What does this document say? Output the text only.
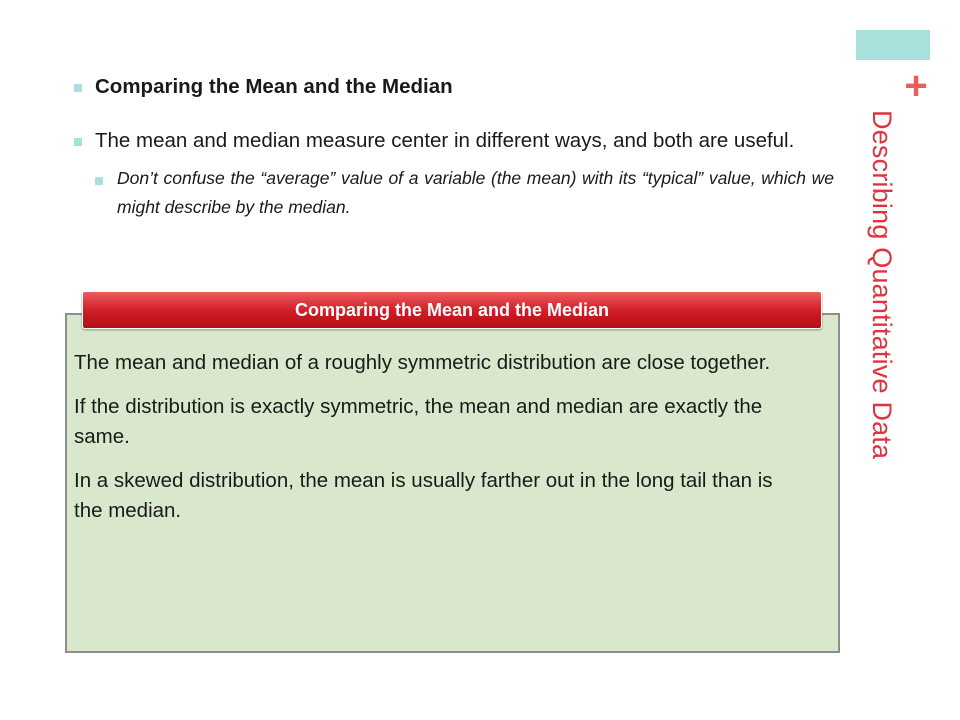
+
Describing Quantitative Data
Comparing the Mean and the Median
The mean and median measure center in different ways, and both are useful.
Don’t confuse the “average” value of a variable (the mean) with its “typical” value, which we might describe by the median.
Comparing the Mean and the Median

The mean and median of a roughly symmetric distribution are close together.

If the distribution is exactly symmetric, the mean and median are exactly the same.

In a skewed distribution, the mean is usually farther out in the long tail than is the median.
